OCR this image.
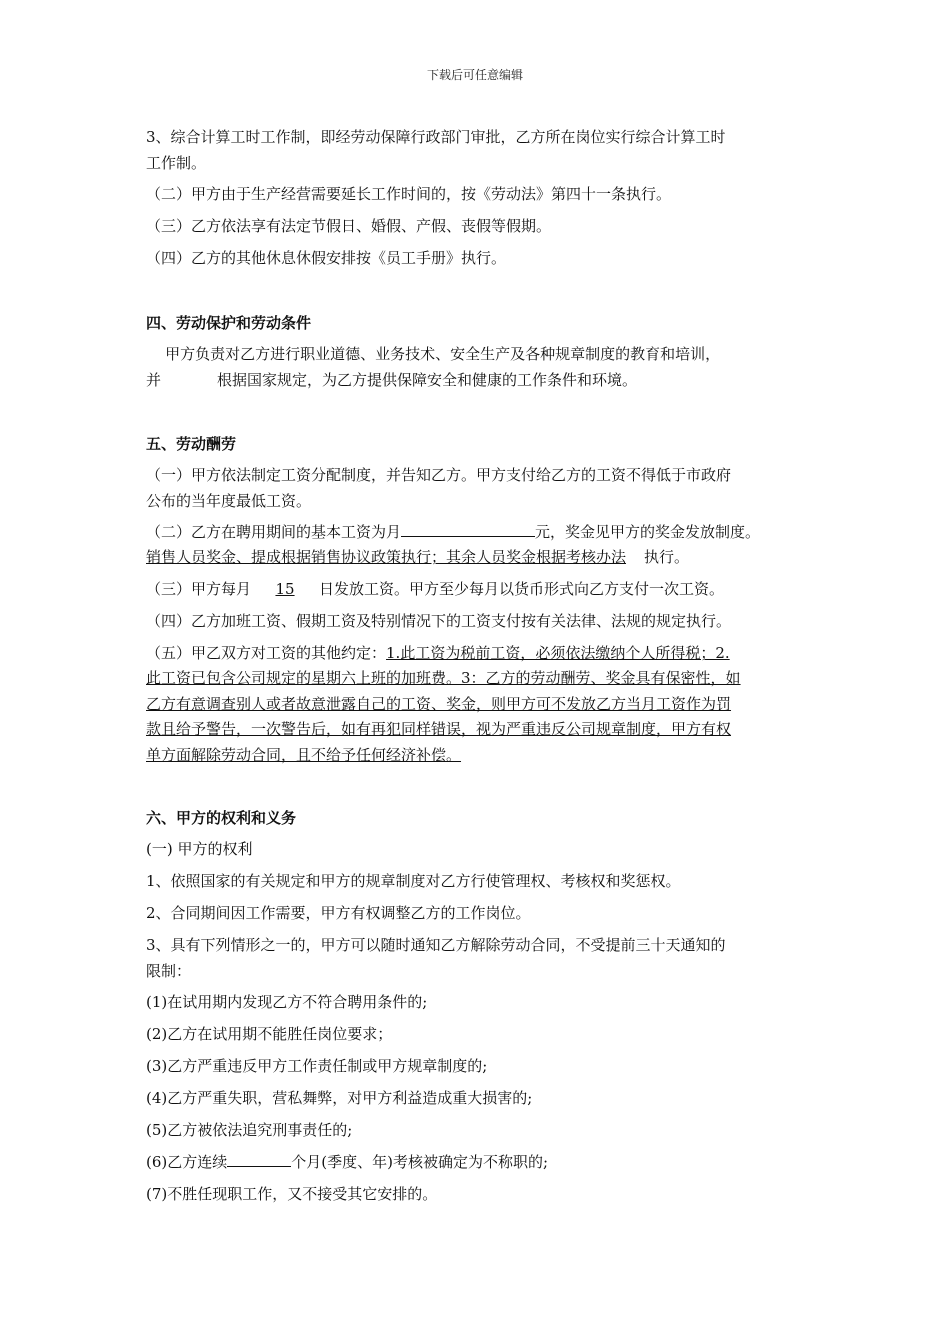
下载后可任意编辑
3、综合计算工时工作制，即经劳动保障行政部门审批，乙方所在岗位实行综合计算工时
工作制。
（二）甲方由于生产经营需要延长工作时间的，按《劳动法》第四十一条执行。
（三）乙方依法享有法定节假日、婚假、产假、丧假等假期。
（四）乙方的其他休息休假安排按《员工手册》执行。
四、劳动保护和劳动条件
甲方负责对乙方进行职业道德、业务技术、安全生产及各种规章制度的教育和培训，
并	根据国家规定，为乙方提供保障安全和健康的工作条件和环境。
五、劳动酬劳
（一）甲方依法制定工资分配制度，并告知乙方。甲方支付给乙方的工资不得低于市政府
公布的当年度最低工资。
（二）乙方在聘用期间的基本工资为月	元，奖金见甲方的奖金发放制度。
销售人员奖金、提成根据销售协议政策执行；其余人员奖金根据考核办法 执行。
（三）甲方每月 15 日发放工资。甲方至少每月以货币形式向乙方支付一次工资。
（四）乙方加班工资、假期工资及特别情况下的工资支付按有关法律、法规的规定执行。
（五）甲乙双方对工资的其他约定：1.此工资为税前工资，必须依法缴纳个人所得税；2.
此工资已包含公司规定的星期六上班的加班费。3：乙方的劳动酬劳、奖金具有保密性，如
乙方有意调查别人或者故意泄露自己的工资、奖金，则甲方可不发放乙方当月工资作为罚
款且给予警告，一次警告后，如有再犯同样错误，视为严重违反公司规章制度，甲方有权
单方面解除劳动合同，且不给予任何经济补偿。
六、甲方的权利和义务
(一) 甲方的权利
1、依照国家的有关规定和甲方的规章制度对乙方行使管理权、考核权和奖惩权。
2、合同期间因工作需要，甲方有权调整乙方的工作岗位。
3、具有下列情形之一的，甲方可以随时通知乙方解除劳动合同，不受提前三十天通知的
限制：
(1)在试用期内发现乙方不符合聘用条件的;
(2)乙方在试用期不能胜任岗位要求；
(3)乙方严重违反甲方工作责任制或甲方规章制度的;
(4)乙方严重失职，营私舞弊，对甲方利益造成重大损害的;
(5)乙方被依法追究刑事责任的;
(6)乙方连续	个月(季度、年)考核被确定为不称职的;
(7)不胜任现职工作，又不接受其它安排的。
